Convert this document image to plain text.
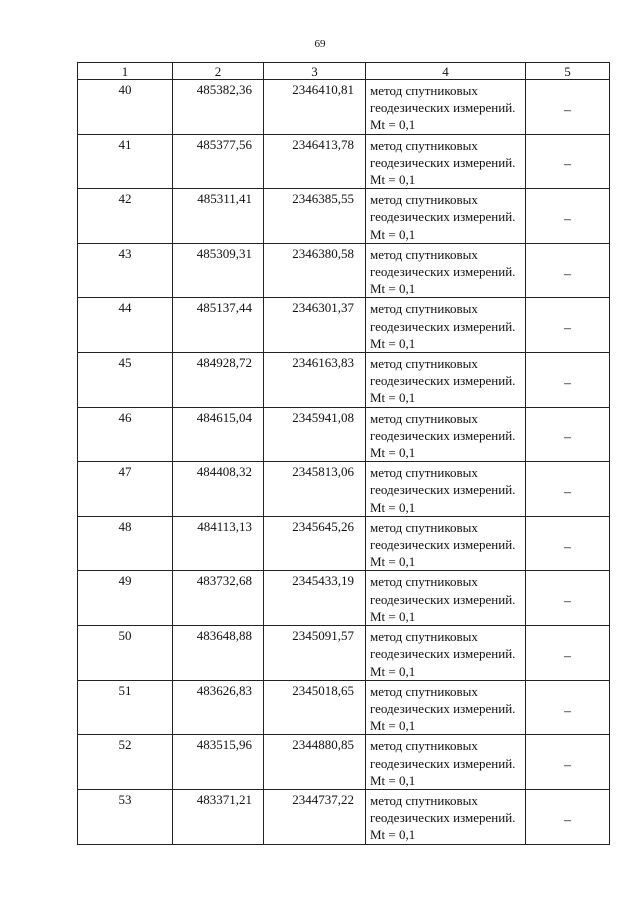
69
1	2	3	4	5
40	485382,36	2346410,81	метод спутниковых геодезических измерений. Mt = 0,1	–
41	485377,56	2346413,78	метод спутниковых геодезических измерений. Mt = 0,1	–
42	485311,41	2346385,55	метод спутниковых геодезических измерений. Mt = 0,1	–
43	485309,31	2346380,58	метод спутниковых геодезических измерений. Mt = 0,1	–
44	485137,44	2346301,37	метод спутниковых геодезических измерений. Mt = 0,1	–
45	484928,72	2346163,83	метод спутниковых геодезических измерений. Mt = 0,1	–
46	484615,04	2345941,08	метод спутниковых геодезических измерений. Mt = 0,1	–
47	484408,32	2345813,06	метод спутниковых геодезических измерений. Mt = 0,1	–
48	484113,13	2345645,26	метод спутниковых геодезических измерений. Mt = 0,1	–
49	483732,68	2345433,19	метод спутниковых геодезических измерений. Mt = 0,1	–
50	483648,88	2345091,57	метод спутниковых геодезических измерений. Mt = 0,1	–
51	483626,83	2345018,65	метод спутниковых геодезических измерений. Mt = 0,1	–
52	483515,96	2344880,85	метод спутниковых геодезических измерений. Mt = 0,1	–
53	483371,21	2344737,22	метод спутниковых геодезических измерений. Mt = 0,1	–
